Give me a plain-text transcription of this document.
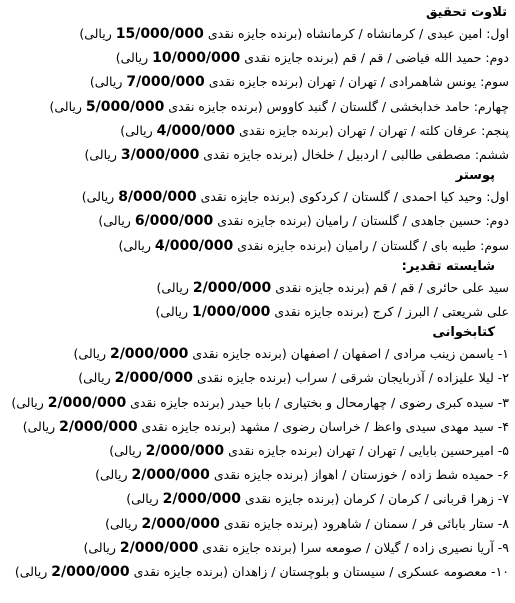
تلاوت تحقیق
اول: امین عبدی / کرمانشاه / کرمانشاه (برنده جایزه نقدی 15/000/000 ریالی)
دوم: حمید الله فیاضی / قم / قم (برنده جایزه نقدی 10/000/000 ریالی)
سوم: یونس شاهمرادی / تهران / تهران (برنده جایزه نقدی 7/000/000 ریالی)
چهارم: حامد خدابخشی / گلستان / گنبد کاووس (برنده جایزه نقدی 5/000/000 ریالی)
پنجم: عرفان کلته / تهران / تهران (برنده جایزه نقدی 4/000/000 ریالی)
ششم: مصطفی طالبی / اردبیل / خلخال (برنده جایزه نقدی 3/000/000 ریالی)
پوستر
اول: وحید کیا احمدی / گلستان / کردکوی (برنده جایزه نقدی 8/000/000 ریالی)
دوم: حسین جاهدی / گلستان / رامیان (برنده جایزه نقدی 6/000/000 ریالی)
سوم: طیبه بای / گلستان / رامیان (برنده جایزه نقدی 4/000/000 ریالی)
شایسته تقدیر:
سید علی حائری / قم / قم (برنده جایزه نقدی 2/000/000 ریالی)
علی شریعتی / البرز / کرج (برنده جایزه نقدی 1/000/000 ریالی)
کتابخوانی
۱- یاسمن زینب مرادی / اصفهان / اصفهان (برنده جایزه نقدی 2/000/000 ریالی)
۲- لیلا علیزاده / آذربایجان شرقی / سراب (برنده جایزه نقدی 2/000/000 ریالی)
۳- سیده کبری رضوی / چهارمحال و بختیاری / بابا حیدر (برنده جایزه نقدی 2/000/000 ریالی)
۴- سید مهدی سیدی واعظ / خراسان رضوی / مشهد (برنده جایزه نقدی 2/000/000 ریالی)
۵- امیرحسین بابایی / تهران / تهران (برنده جایزه نقدی 2/000/000 ریالی)
۶- حمیده شط زاده / خوزستان / اهواز (برنده جایزه نقدی 2/000/000 ریالی)
۷- زهرا قربانی / کرمان / کرمان (برنده جایزه نقدی 2/000/000 ریالی)
۸- ستار بابائی فر / سمنان / شاهرود (برنده جایزه نقدی 2/000/000 ریالی)
۹- آریا نصیری زاده / گیلان / صومعه سرا (برنده جایزه نقدی 2/000/000 ریالی)
۱۰- معصومه عسکری / سیستان و بلوچستان / زاهدان (برنده جایزه نقدی 2/000/000 ریالی)
